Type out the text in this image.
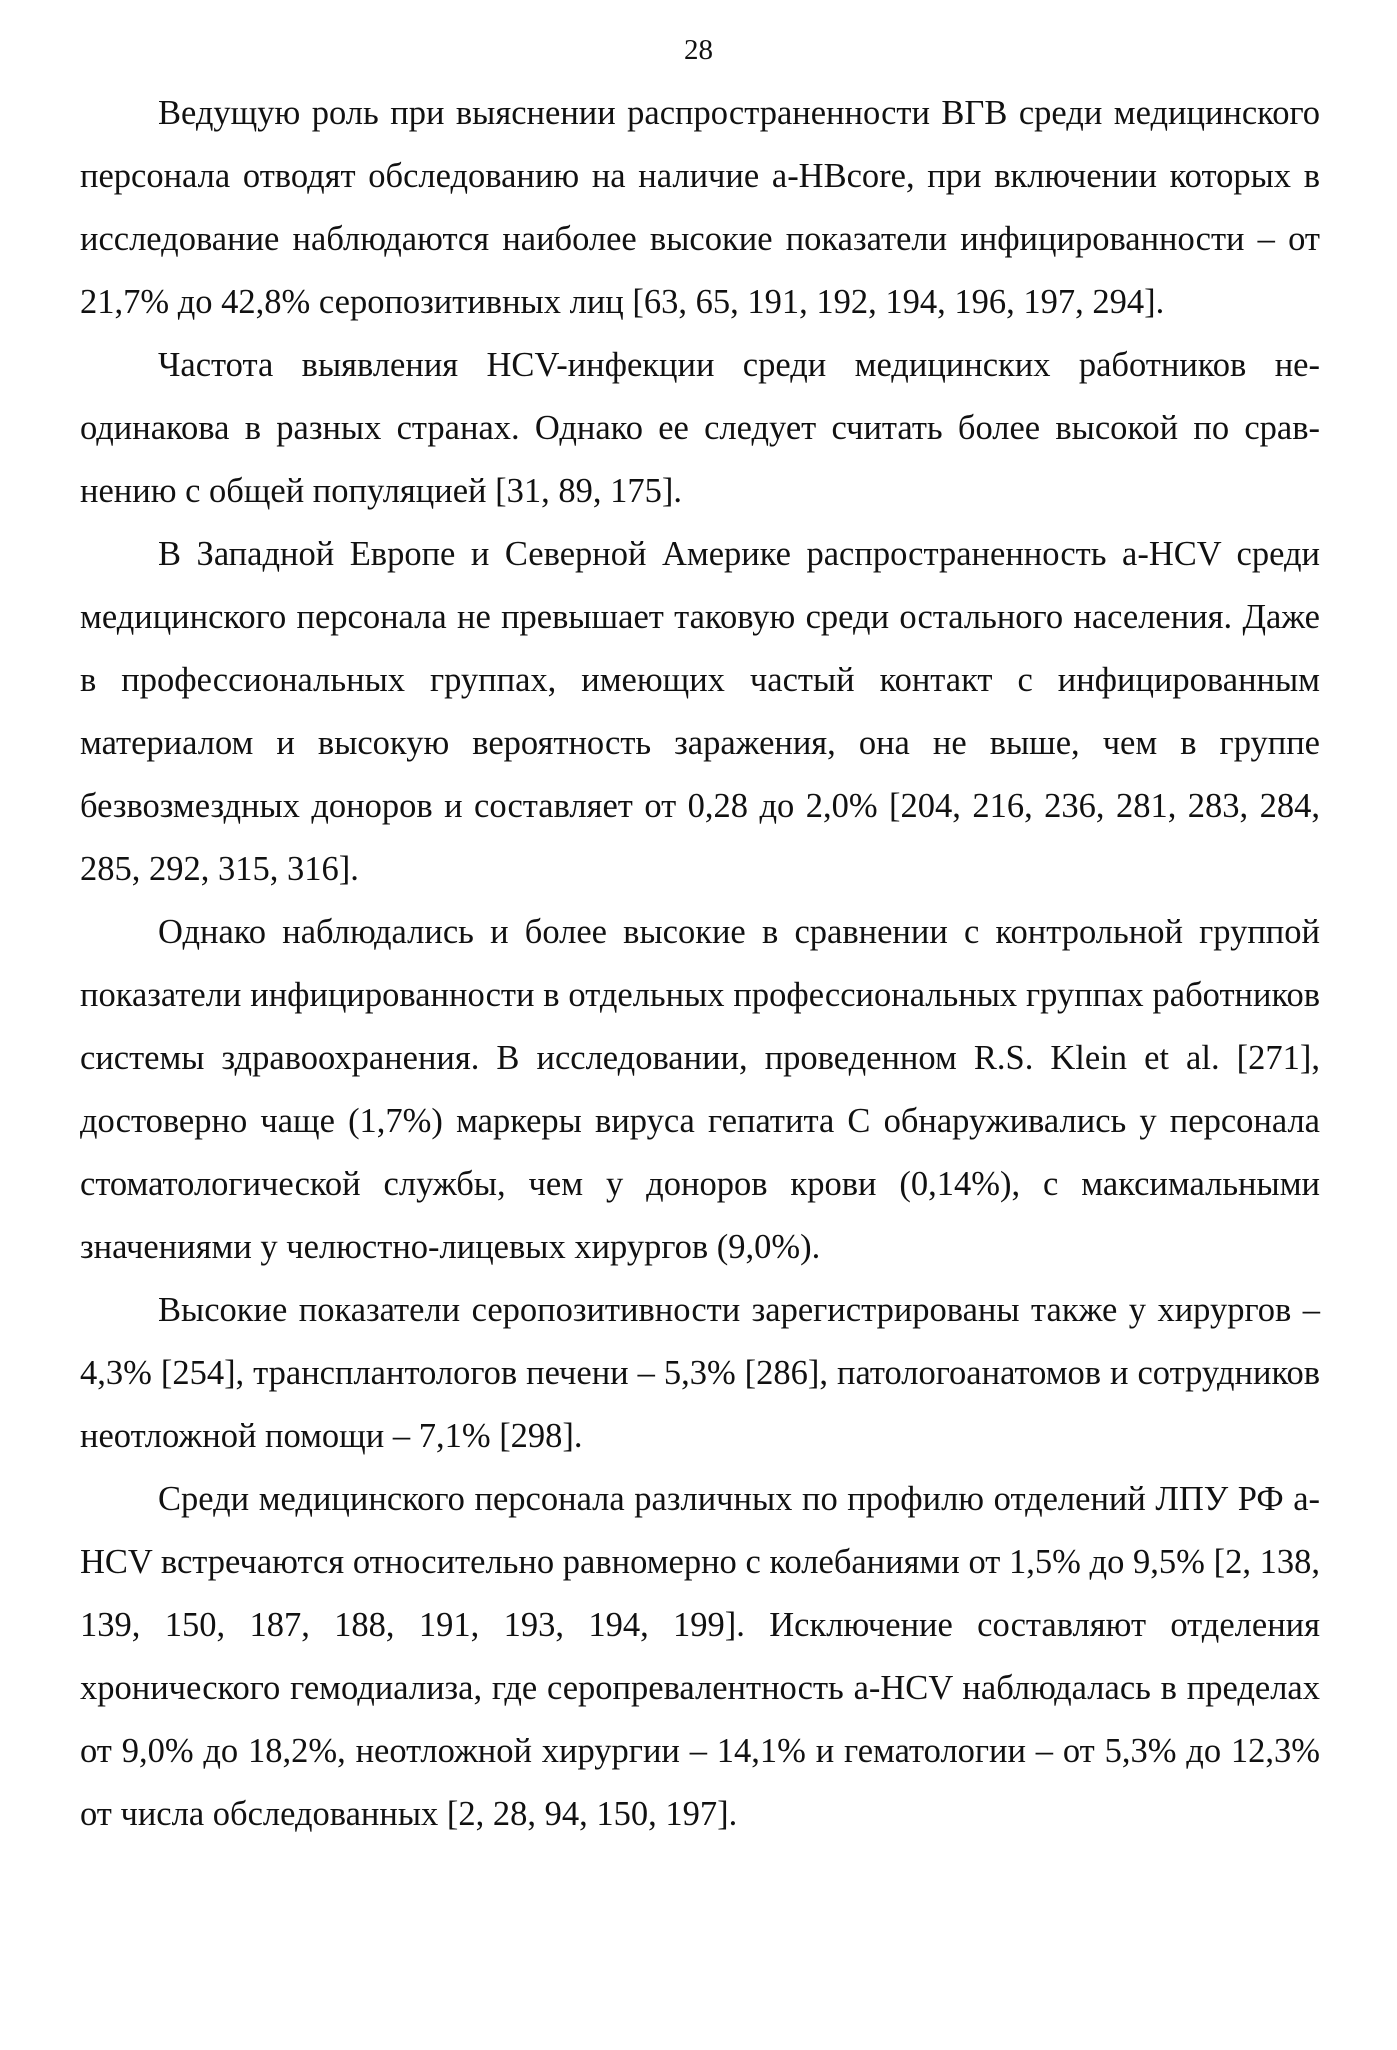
28

Ведущую роль при выяснении распространенности ВГВ среди медицинского персонала отводят обследованию на наличие a-HBcore, при включении которых в исследование наблюдаются наиболее высокие показатели инфицированности – от 21,7% до 42,8% серопозитивных лиц [63, 65, 191, 192, 194, 196, 197, 294].

Частота выявления HCV-инфекции среди медицинских работников неодинакова в разных странах. Однако ее следует считать более высокой по сравнению с общей популяцией [31, 89, 175].

В Западной Европе и Северной Америке распространенность a-HCV среди медицинского персонала не превышает таковую среди остального населения. Даже в профессиональных группах, имеющих частый контакт с инфицированным материалом и высокую вероятность заражения, она не выше, чем в группе безвозмездных доноров и составляет от 0,28 до 2,0% [204, 216, 236, 281, 283, 284, 285, 292, 315, 316].

Однако наблюдались и более высокие в сравнении с контрольной группой показатели инфицированности в отдельных профессиональных группах работников системы здравоохранения. В исследовании, проведенном R.S. Klein et al. [271], достоверно чаще (1,7%) маркеры вируса гепатита С обнаруживались у персонала стоматологической службы, чем у доноров крови (0,14%), с максимальными значениями у челюстно-лицевых хирургов (9,0%).

Высокие показатели серопозитивности зарегистрированы также у хирургов – 4,3% [254], трансплантологов печени – 5,3% [286], патологоанатомов и сотрудников неотложной помощи – 7,1% [298].

Среди медицинского персонала различных по профилю отделений ЛПУ РФ a-HCV встречаются относительно равномерно с колебаниями от 1,5% до 9,5% [2, 138, 139, 150, 187, 188, 191, 193, 194, 199]. Исключение составляют отделения хронического гемодиализа, где серопревалентность a-HCV наблюдалась в пределах от 9,0% до 18,2%, неотложной хирургии – 14,1% и гематологии – от 5,3% до 12,3% от числа обследованных [2, 28, 94, 150, 197].
